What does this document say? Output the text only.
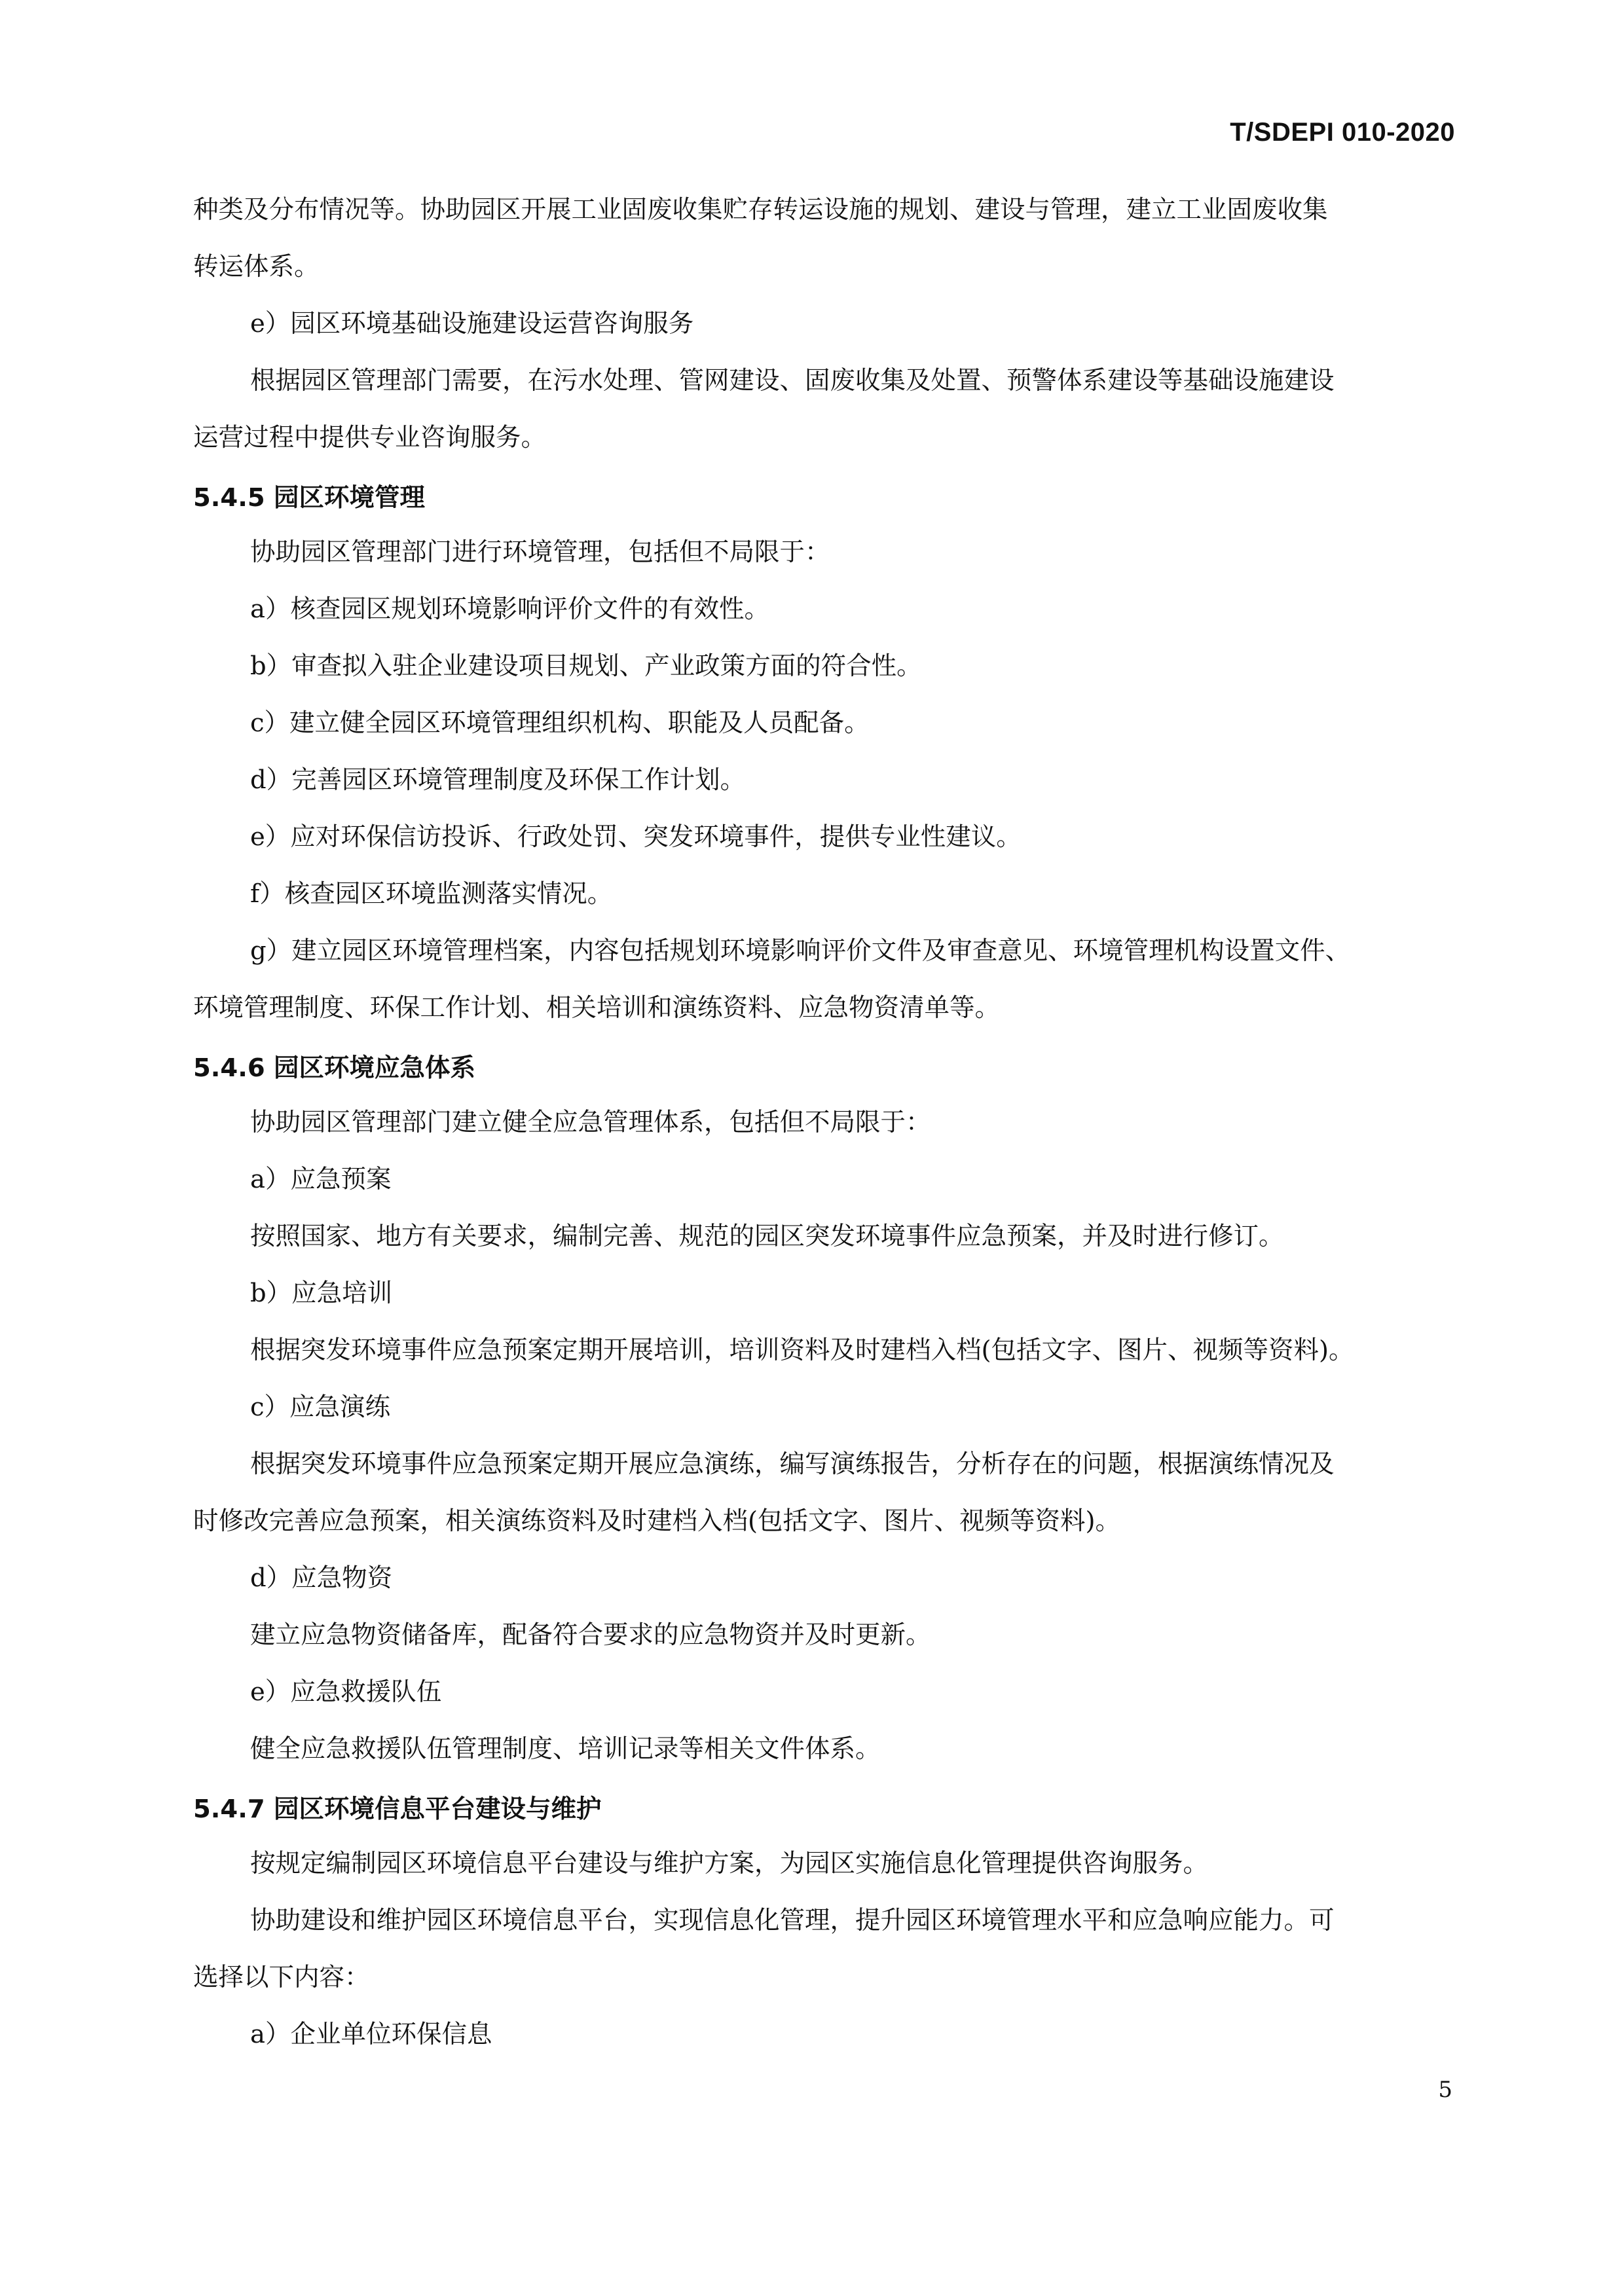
T/SDEPI 010-2020

种类及分布情况等。协助园区开展工业固废收集贮存转运设施的规划、建设与管理，建立工业固废收集

转运体系。

e）园区环境基础设施建设运营咨询服务

根据园区管理部门需要，在污水处理、管网建设、固废收集及处置、预警体系建设等基础设施建设

运营过程中提供专业咨询服务。

5.4.5 园区环境管理

协助园区管理部门进行环境管理，包括但不局限于：

a）核查园区规划环境影响评价文件的有效性。

b）审查拟入驻企业建设项目规划、产业政策方面的符合性。

c）建立健全园区环境管理组织机构、职能及人员配备。

d）完善园区环境管理制度及环保工作计划。

e）应对环保信访投诉、行政处罚、突发环境事件，提供专业性建议。

f）核查园区环境监测落实情况。

g）建立园区环境管理档案，内容包括规划环境影响评价文件及审查意见、环境管理机构设置文件、

环境管理制度、环保工作计划、相关培训和演练资料、应急物资清单等。

5.4.6 园区环境应急体系

协助园区管理部门建立健全应急管理体系，包括但不局限于：

a）应急预案

按照国家、地方有关要求，编制完善、规范的园区突发环境事件应急预案，并及时进行修订。

b）应急培训

根据突发环境事件应急预案定期开展培训，培训资料及时建档入档(包括文字、图片、视频等资料)。

c）应急演练

根据突发环境事件应急预案定期开展应急演练，编写演练报告，分析存在的问题，根据演练情况及

时修改完善应急预案，相关演练资料及时建档入档(包括文字、图片、视频等资料)。

d）应急物资

建立应急物资储备库，配备符合要求的应急物资并及时更新。

e）应急救援队伍

健全应急救援队伍管理制度、培训记录等相关文件体系。

5.4.7 园区环境信息平台建设与维护

按规定编制园区环境信息平台建设与维护方案，为园区实施信息化管理提供咨询服务。

协助建设和维护园区环境信息平台，实现信息化管理，提升园区环境管理水平和应急响应能力。可

选择以下内容：

a）企业单位环保信息

5
